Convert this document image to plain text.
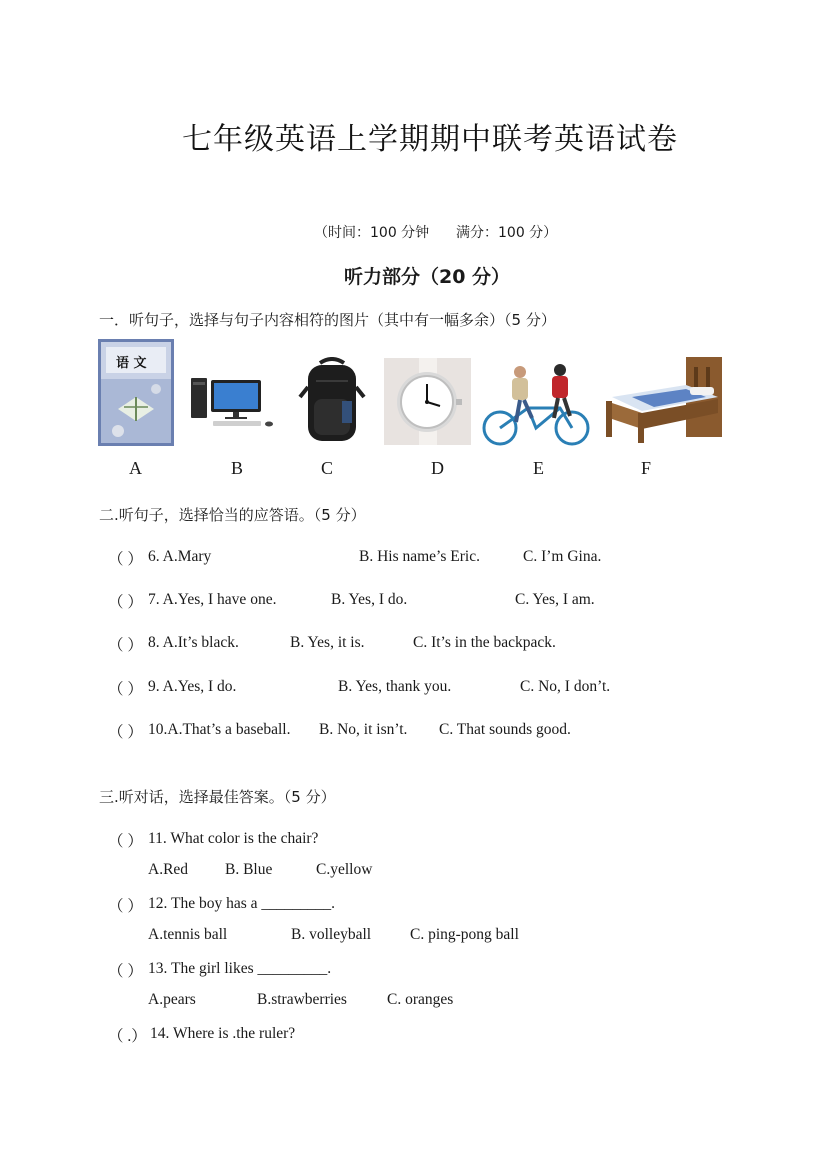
七年级英语上学期期中联考英语试卷
（时间：100 分钟 满分：100 分）
听力部分（20 分）
一．听句子，选择与句子内容相符的图片（其中有一幅多余）（5 分）
语 文
A	B	C	D	E	F
二.听句子，选择恰当的应答语。（5 分）
（ ） 6. A.Mary	B. His name’s Eric.	C. I’m Gina.
（ ） 7. A.Yes, I have one.	B. Yes, I do.	C. Yes, I am.
（ ） 8. A.It’s black.	B. Yes, it is.	C. It’s in the backpack.
（ ） 9. A.Yes, I do.	B. Yes, thank you.	C. No, I don’t.
（ ） 10.A.That’s a baseball. B. No, it isn’t. C. That sounds good.
三.听对话，选择最佳答案。（5 分）
（ ） 11. What color is the chair?
A.Red B. Blue	C.yellow
（ ） 12. The boy has a _________.
A.tennis ball	B. volleyball	C. ping-pong ball
（ ） 13. The girl likes _________.
A.pears	B.strawberries	C. oranges
（ .） 14. Where is .the ruler?
